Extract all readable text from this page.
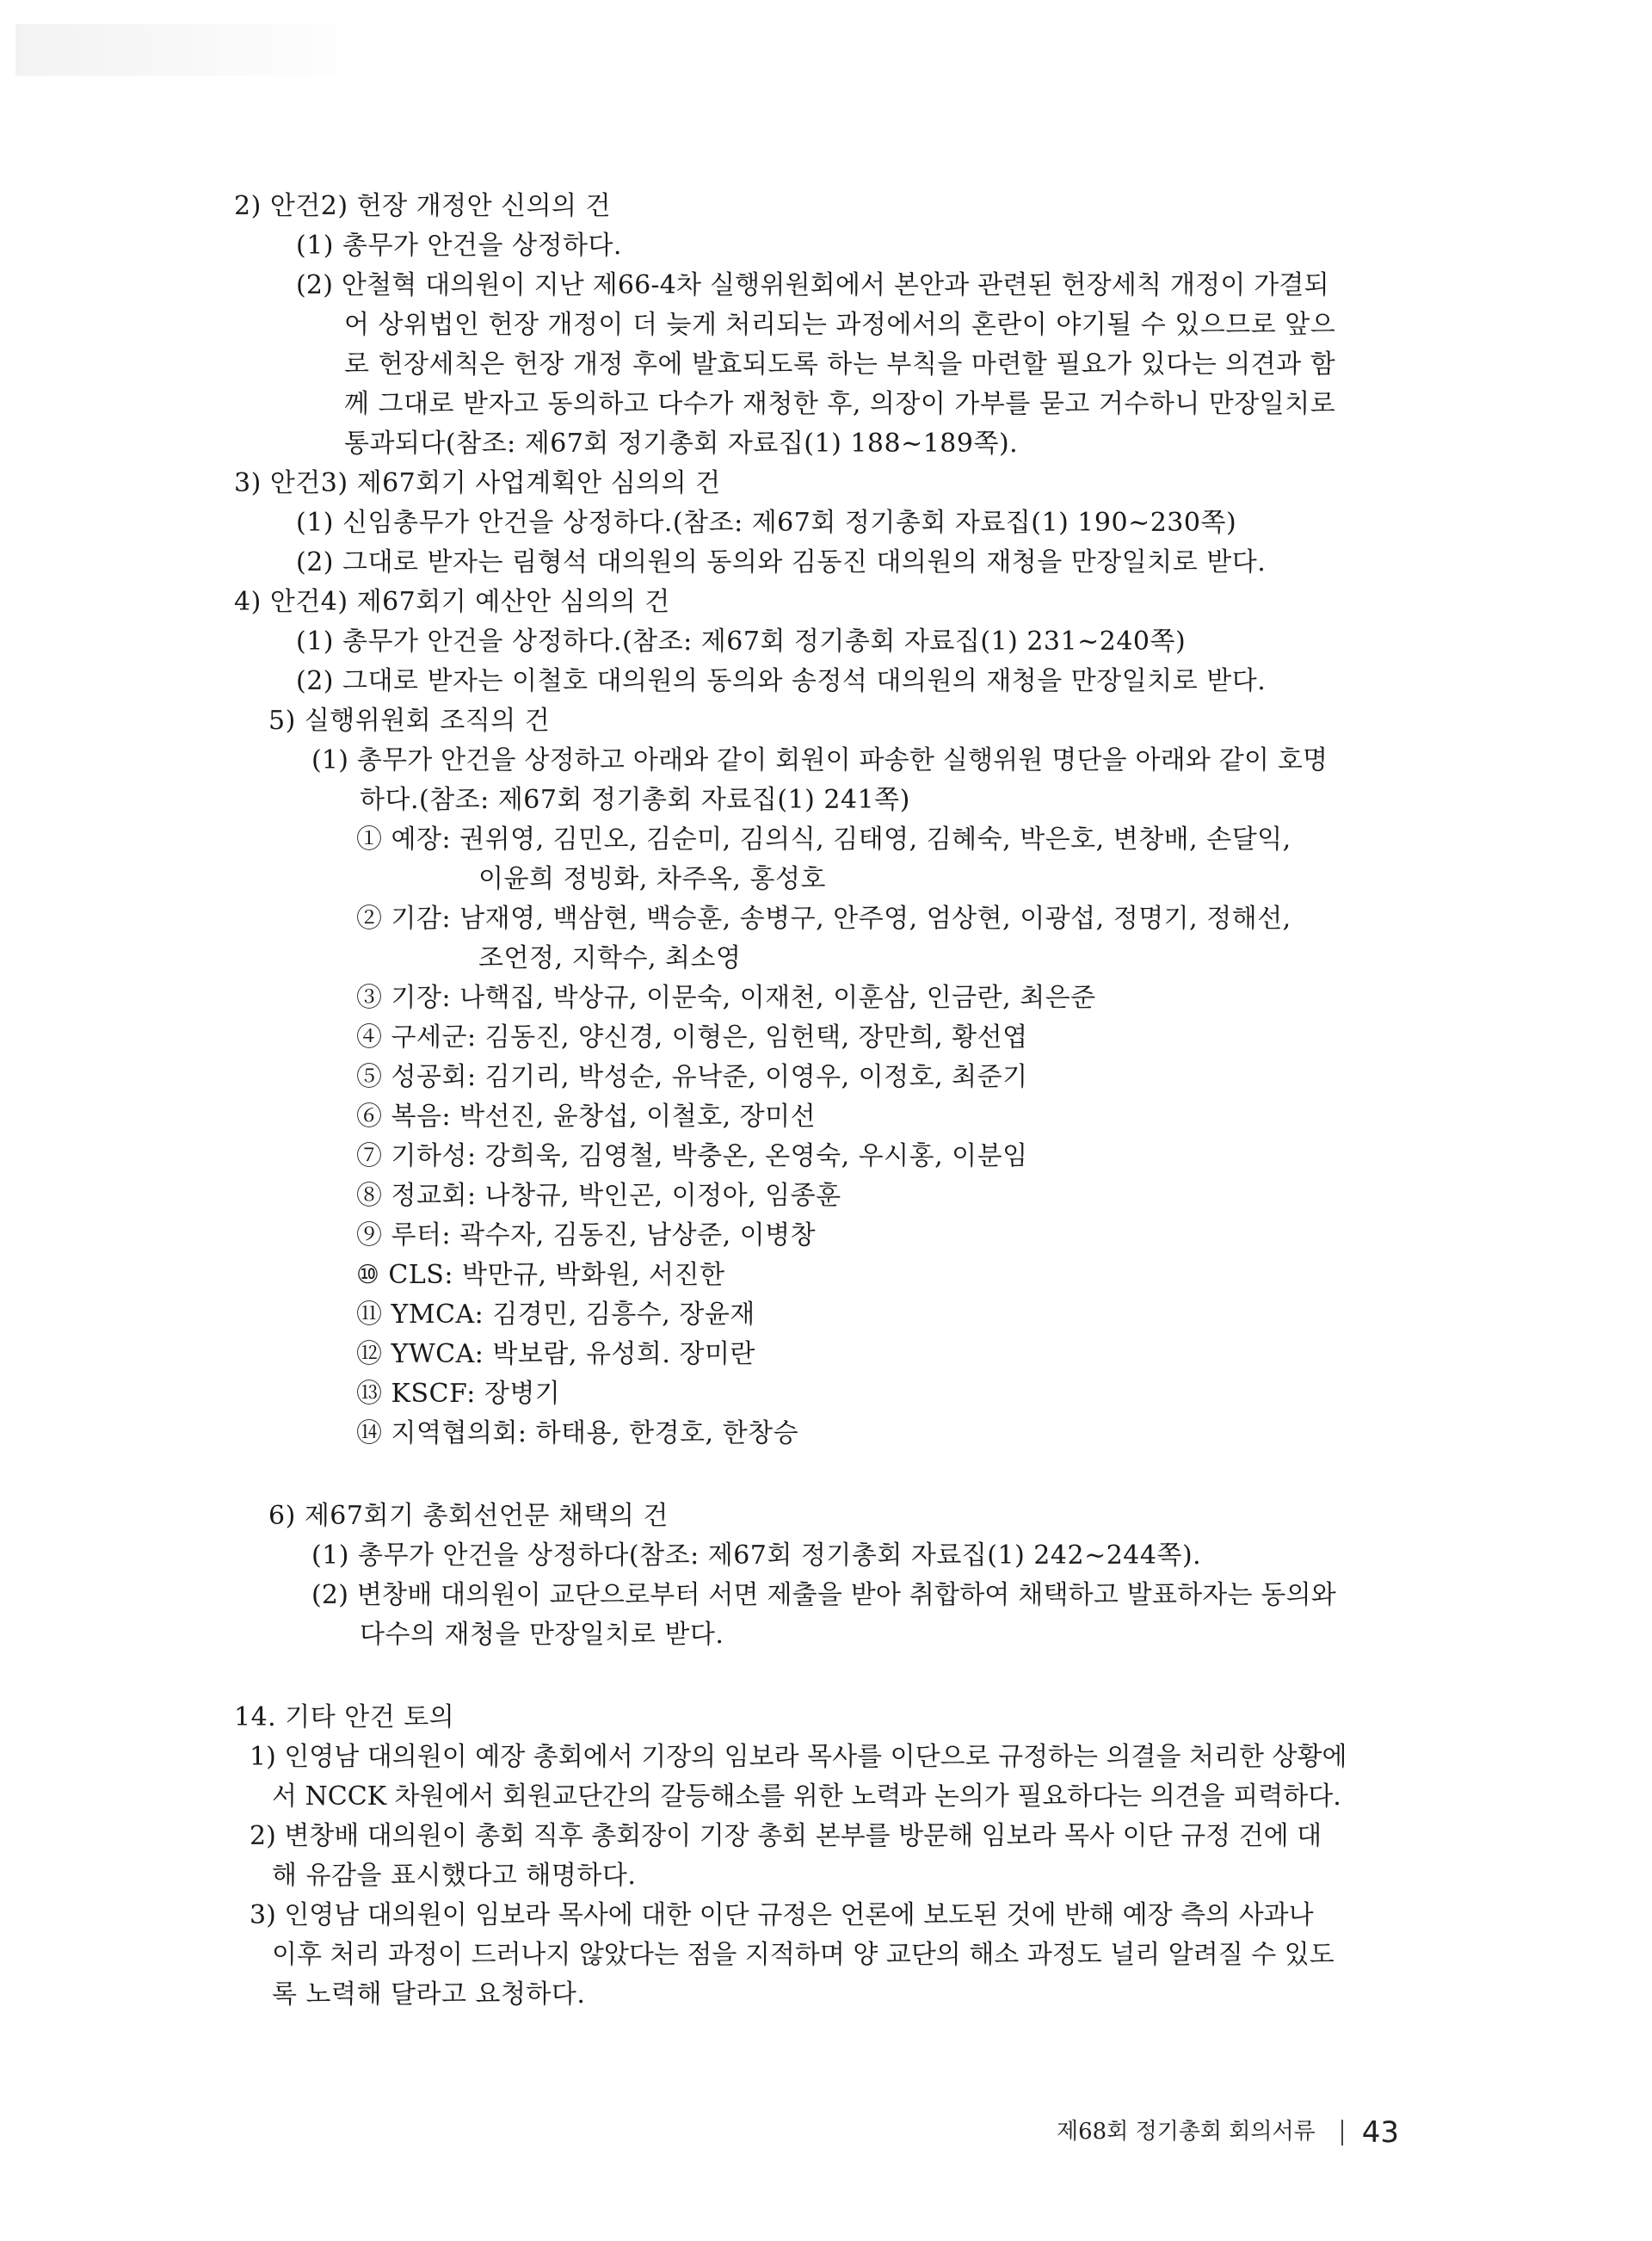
2) 안건2) 헌장 개정안 신의의 건
(1) 총무가 안건을 상정하다.
(2) 안철혁 대의원이 지난 제66-4차 실행위원회에서 본안과 관련된 헌장세칙 개정이 가결되
어 상위법인 헌장 개정이 더 늦게 처리되는 과정에서의 혼란이 야기될 수 있으므로 앞으
로 헌장세칙은 헌장 개정 후에 발효되도록 하는 부칙을 마련할 필요가 있다는 의견과 함
께 그대로 받자고 동의하고 다수가 재청한 후, 의장이 가부를 묻고 거수하니 만장일치로
통과되다(참조: 제67회 정기총회 자료집(1) 188~189쪽).
3) 안건3) 제67회기 사업계획안 심의의 건
(1) 신임총무가 안건을 상정하다.(참조: 제67회 정기총회 자료집(1) 190~230쪽)
(2) 그대로 받자는 림형석 대의원의 동의와 김동진 대의원의 재청을 만장일치로 받다.
4) 안건4) 제67회기 예산안 심의의 건
(1) 총무가 안건을 상정하다.(참조: 제67회 정기총회 자료집(1) 231~240쪽)
(2) 그대로 받자는 이철호 대의원의 동의와 송정석 대의원의 재청을 만장일치로 받다.
5) 실행위원회 조직의 건
(1) 총무가 안건을 상정하고 아래와 같이 회원이 파송한 실행위원 명단을 아래와 같이 호명
하다.(참조: 제67회 정기총회 자료집(1) 241쪽)
① 예장: 권위영, 김민오, 김순미, 김의식, 김태영, 김혜숙, 박은호, 변창배, 손달익,
이윤희 정빙화, 차주옥, 홍성호
② 기감: 남재영, 백삼현, 백승훈, 송병구, 안주영, 엄상현, 이광섭, 정명기, 정해선,
조언정, 지학수, 최소영
③ 기장: 나핵집, 박상규, 이문숙, 이재천, 이훈삼, 인금란, 최은준
④ 구세군: 김동진, 양신경, 이형은, 임헌택, 장만희, 황선엽
⑤ 성공회: 김기리, 박성순, 유낙준, 이영우, 이정호, 최준기
⑥ 복음: 박선진, 윤창섭, 이철호, 장미선
⑦ 기하성: 강희욱, 김영철, 박충온, 온영숙, 우시홍, 이분임
⑧ 정교회: 나창규, 박인곤, 이정아, 임종훈
⑨ 루터: 곽수자, 김동진, 남상준, 이병창
⑩ CLS: 박만규, 박화원, 서진한
⑪ YMCA: 김경민, 김흥수, 장윤재
⑫ YWCA: 박보람, 유성희. 장미란
⑬ KSCF: 장병기
⑭ 지역협의회: 하태용, 한경호, 한창승
6) 제67회기 총회선언문 채택의 건
(1) 총무가 안건을 상정하다(참조: 제67회 정기총회 자료집(1) 242~244쪽).
(2) 변창배 대의원이 교단으로부터 서면 제출을 받아 취합하여 채택하고 발표하자는 동의와
다수의 재청을 만장일치로 받다.
14. 기타 안건 토의
1) 인영남 대의원이 예장 총회에서 기장의 임보라 목사를 이단으로 규정하는 의결을 처리한 상황에
서 NCCK 차원에서 회원교단간의 갈등해소를 위한 노력과 논의가 필요하다는 의견을 피력하다.
2) 변창배 대의원이 총회 직후 총회장이 기장 총회 본부를 방문해 임보라 목사 이단 규정 건에 대
해 유감을 표시했다고 해명하다.
3) 인영남 대의원이 임보라 목사에 대한 이단 규정은 언론에 보도된 것에 반해 예장 측의 사과나
이후 처리 과정이 드러나지 않았다는 점을 지적하며 양 교단의 해소 과정도 널리 알려질 수 있도
록 노력해 달라고 요청하다.
제68회 정기총회 회의서류 43
